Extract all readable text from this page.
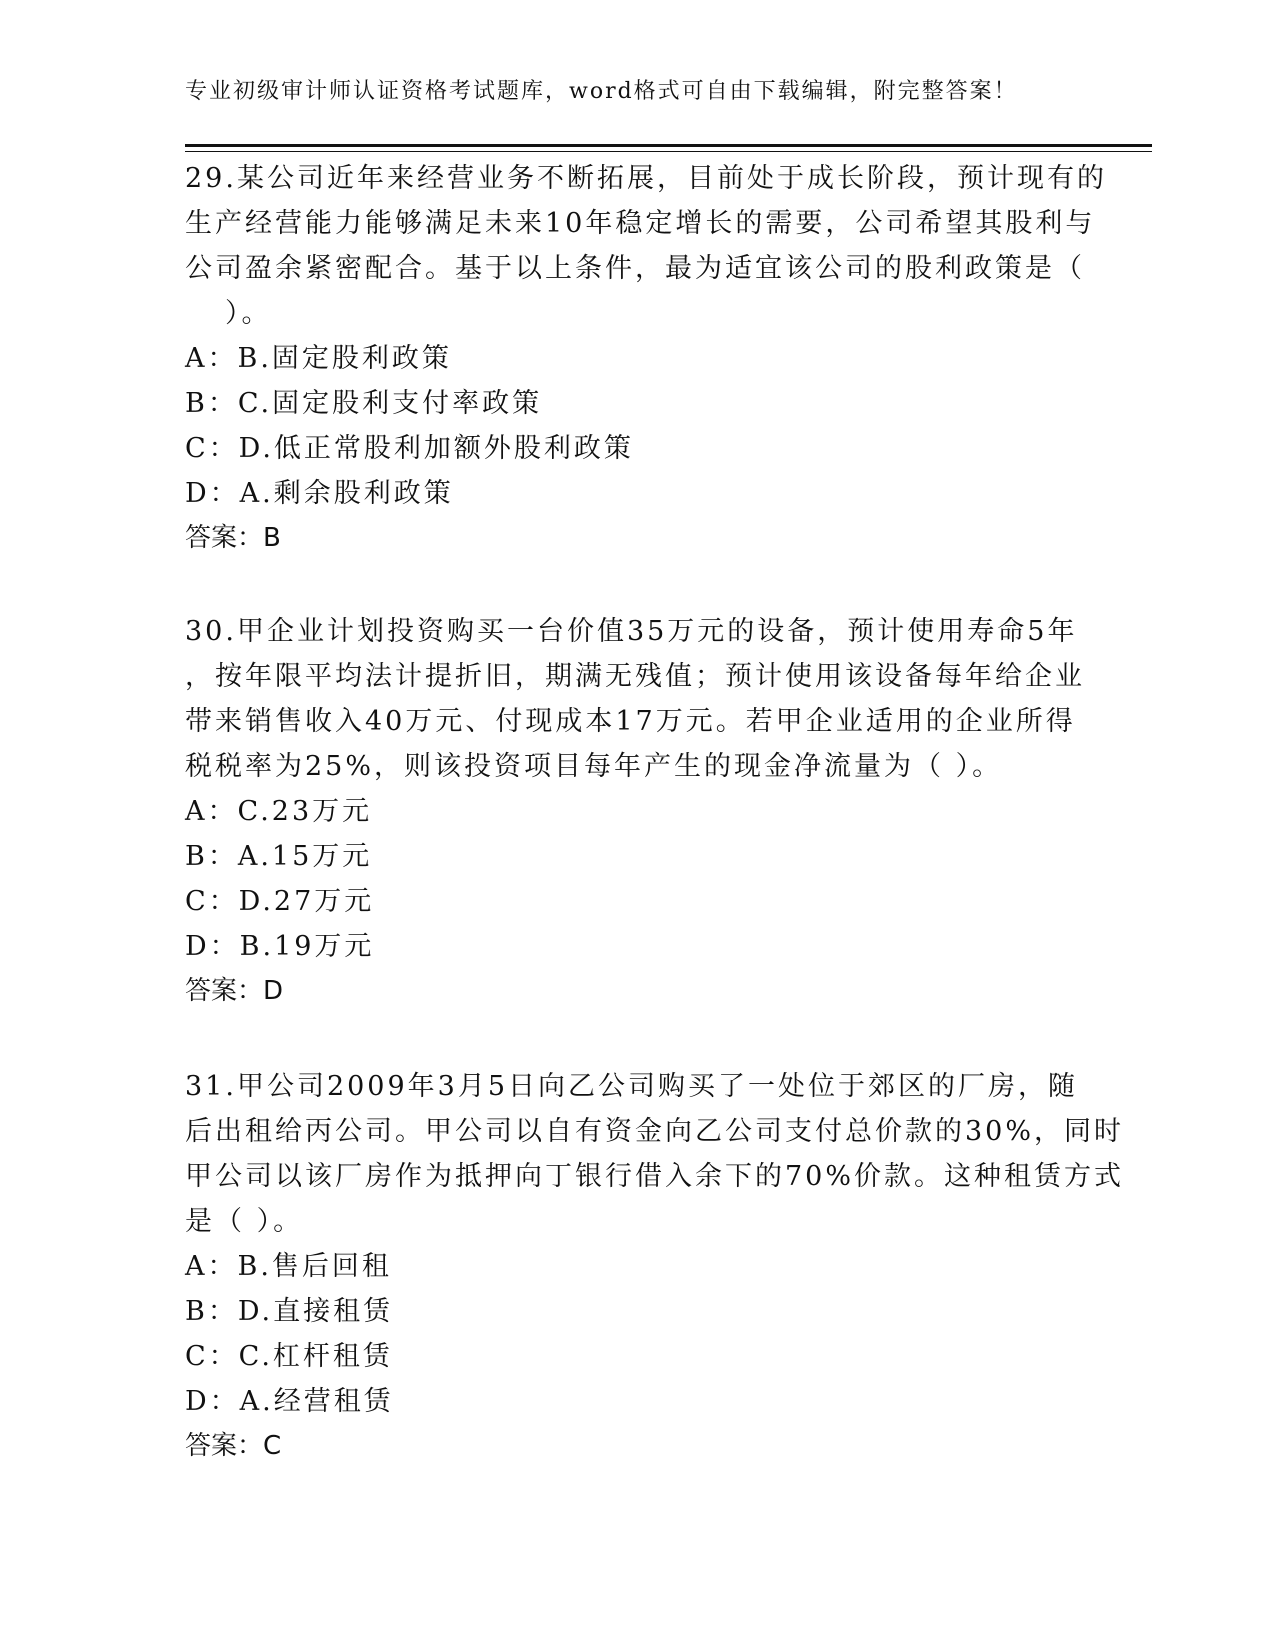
专业初级审计师认证资格考试题库，word格式可自由下载编辑，附完整答案！
29.某公司近年来经营业务不断拓展，目前处于成长阶段，预计现有的
生产经营能力能够满足未来10年稳定增长的需要，公司希望其股利与
公司盈余紧密配合。基于以上条件，最为适宜该公司的股利政策是（
）。
A：B.固定股利政策
B：C.固定股利支付率政策
C：D.低正常股利加额外股利政策
D：A.剩余股利政策
答案：B
30.甲企业计划投资购买一台价值35万元的设备，预计使用寿命5年
，按年限平均法计提折旧，期满无残值；预计使用该设备每年给企业
带来销售收入40万元、付现成本17万元。若甲企业适用的企业所得
税税率为25%，则该投资项目每年产生的现金净流量为（ ）。
A：C.23万元
B：A.15万元
C：D.27万元
D：B.19万元
答案：D
31.甲公司2009年3月5日向乙公司购买了一处位于郊区的厂房，随
后出租给丙公司。甲公司以自有资金向乙公司支付总价款的30%，同时
甲公司以该厂房作为抵押向丁银行借入余下的70%价款。这种租赁方式
是（ ）。
A：B.售后回租
B：D.直接租赁
C：C.杠杆租赁
D：A.经营租赁
答案：C
